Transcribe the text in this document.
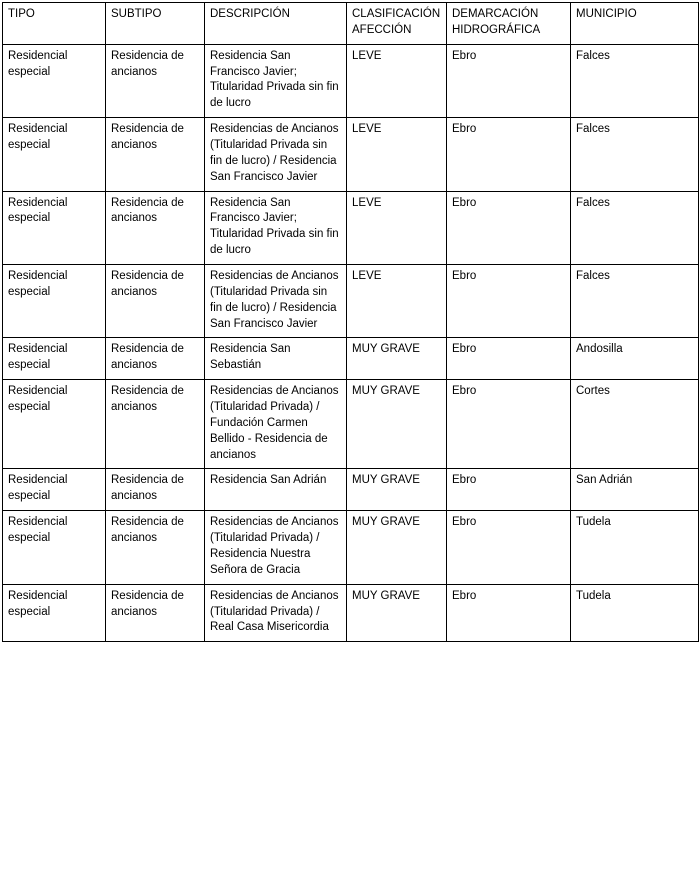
TIPO	SUBTIPO	DESCRIPCIÓN	CLASIFICACIÓN AFECCIÓN	DEMARCACIÓN HIDROGRÁFICA	MUNICIPIO

Residencial especial	Residencia de ancianos	Residencia San Francisco Javier; Titularidad Privada sin fin de lucro	LEVE	Ebro	Falces

Residencial especial	Residencia de ancianos	Residencias de Ancianos (Titularidad Privada sin fin de lucro) / Residencia San Francisco Javier	LEVE	Ebro	Falces

Residencial especial	Residencia de ancianos	Residencia San Francisco Javier; Titularidad Privada sin fin de lucro	LEVE	Ebro	Falces

Residencial especial	Residencia de ancianos	Residencias de Ancianos (Titularidad Privada sin fin de lucro) / Residencia San Francisco Javier	LEVE	Ebro	Falces

Residencial especial	Residencia de ancianos	Residencia San Sebastián	MUY GRAVE	Ebro	Andosilla

Residencial especial	Residencia de ancianos	Residencias de Ancianos (Titularidad Privada) / Fundación Carmen Bellido - Residencia de ancianos	MUY GRAVE	Ebro	Cortes

Residencial especial	Residencia de ancianos	Residencia San Adrián	MUY GRAVE	Ebro	San Adrián

Residencial especial	Residencia de ancianos	Residencias de Ancianos (Titularidad Privada) / Residencia Nuestra Señora de Gracia	MUY GRAVE	Ebro	Tudela

Residencial especial	Residencia de ancianos	Residencias de Ancianos (Titularidad Privada) / Real Casa Misericordia	MUY GRAVE	Ebro	Tudela
